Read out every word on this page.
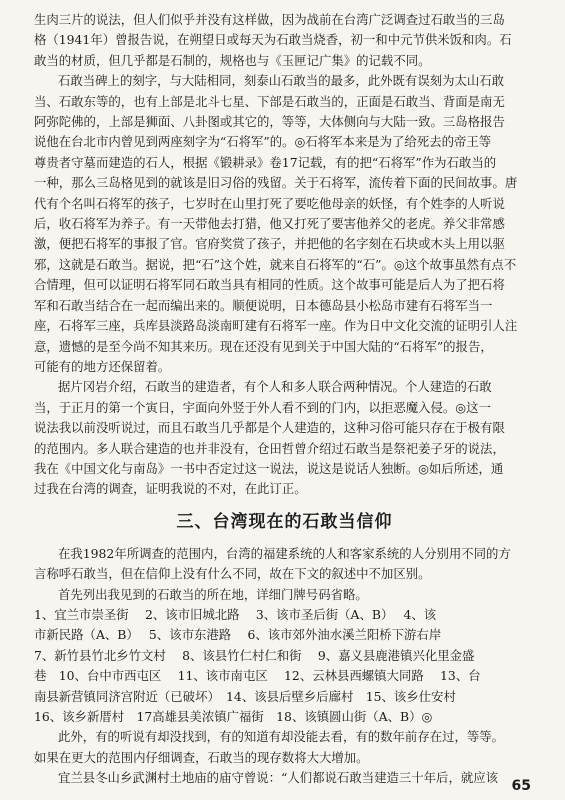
生肉三片的说法，但人们似乎并没有这样做，因为战前在台湾广泛调查过石敢当的三岛

格（1941年）曾报告说，在朔望日或每天为石敢当烧香，初一和中元节供米饭和肉。石

敢当的材质，但几乎都是石制的，规格也与《玉匣记广集》的记载不同。

石敢当碑上的刻字，与大陆相同，刻泰山石敢当的最多，此外既有误刻为太山石敢

当、石敢东等的，也有上部是北斗七星、下部是石敢当的，正面是石敢当、背面是南无

阿弥陀佛的，上部是狮面、八卦图或其它的，等等，大体侧向与大陆一致。三岛格报告

说他在台北市内曾见到两座刻字为“石将军”的。◎石将军本来是为了给死去的帝王等

尊贵者守墓而建造的石人，根据《锻耕录》卷17记载，有的把“石将军”作为石敢当的

一种，那么三岛格见到的就该是旧习俗的残留。关于石将军，流传着下面的民间故事。唐

代有个名叫石将军的孩子，七岁时在山里打死了要吃他母亲的妖怪，有个姓李的人听说

后，收石将军为养子。有一天带他去打猎，他又打死了要害他养父的老虎。养父非常感

激，便把石将军的事报了官。官府奖赏了孩子，并把他的名字刻在石块或木头上用以驱

邪，这就是石敢当。据说，把“石”这个姓，就来自石将军的“石”。◎这个故事虽然有点不

合情理，但可以证明石将军同石敢当具有相同的性质。这个故事可能是后人为了把石将

军和石敢当结合在一起而编出来的。顺便说明，日本德岛县小松岛市建有石将军当一

座，石将军三座，兵库县淡路岛淡南町建有石将军一座。作为日中文化交流的证明引人注

意，遗憾的是至今尚不知其来历。现在还没有见到关于中国大陆的“石将军”的报告，

可能有的地方还保留着。

据片冈岩介绍，石敢当的建造者，有个人和多人联合两种情况。个人建造的石敢

当，于正月的第一个寅日，宇面向外竖于外人看不到的门内，以拒恶魔入侵。◎这一

说法我以前没听说过，而且石敢当几乎都是个人建造的，这种习俗可能只存在于极有限

的范围内。多人联合建造的也并非没有，仓田哲曾介绍过石敢当是祭祀姜子牙的说法，

我在《中国文化与南岛》一书中否定过这一说法，说这是说话人独断。◎如后所述，通

过我在台湾的调查，证明我说的不对，在此订正。

三、台湾现在的石敢当信仰

在我1982年所调查的范围内，台湾的福建系统的人和客家系统的人分别用不同的方

言称呼石敢当，但在信仰上没有什么不同，故在下文的叙述中不加区别。

首先列出我见到的石敢当的所在地，详细门牌号码省略。

1、宜兰市崇圣街　 2、该市旧城北路　 3、该市圣后街（A、B）　 4、该

市新民路（A、B）　 5、该市东港路　 6、该市郊外油水溪兰阳桥下游右岸

7、新竹县竹北乡竹文村　 8、该县竹仁村仁和街　 9、嘉义县鹿港镇兴化里金盛

巷　10、台中市西屯区　 11、该市南屯区　 12、云林县西螺镇大同路　 13、台

南县新营镇同济宫附近（已破坏）　14、该县后壁乡后廍村　15、该乡仕安村

16、该乡新厝村　17高雄县美浓镇广福街　18、该镇圆山街（A、B）◎

此外，有的听说有却没找到，有的知道有却没能去看，有的数年前存在过，等等。

如果在更大的范围内仔细调查，石敢当的现存数将大大增加。

宜兰县冬山乡武渊村土地庙的庙守曾说：“人们都说石敢当建造三十年后，就应该

65
